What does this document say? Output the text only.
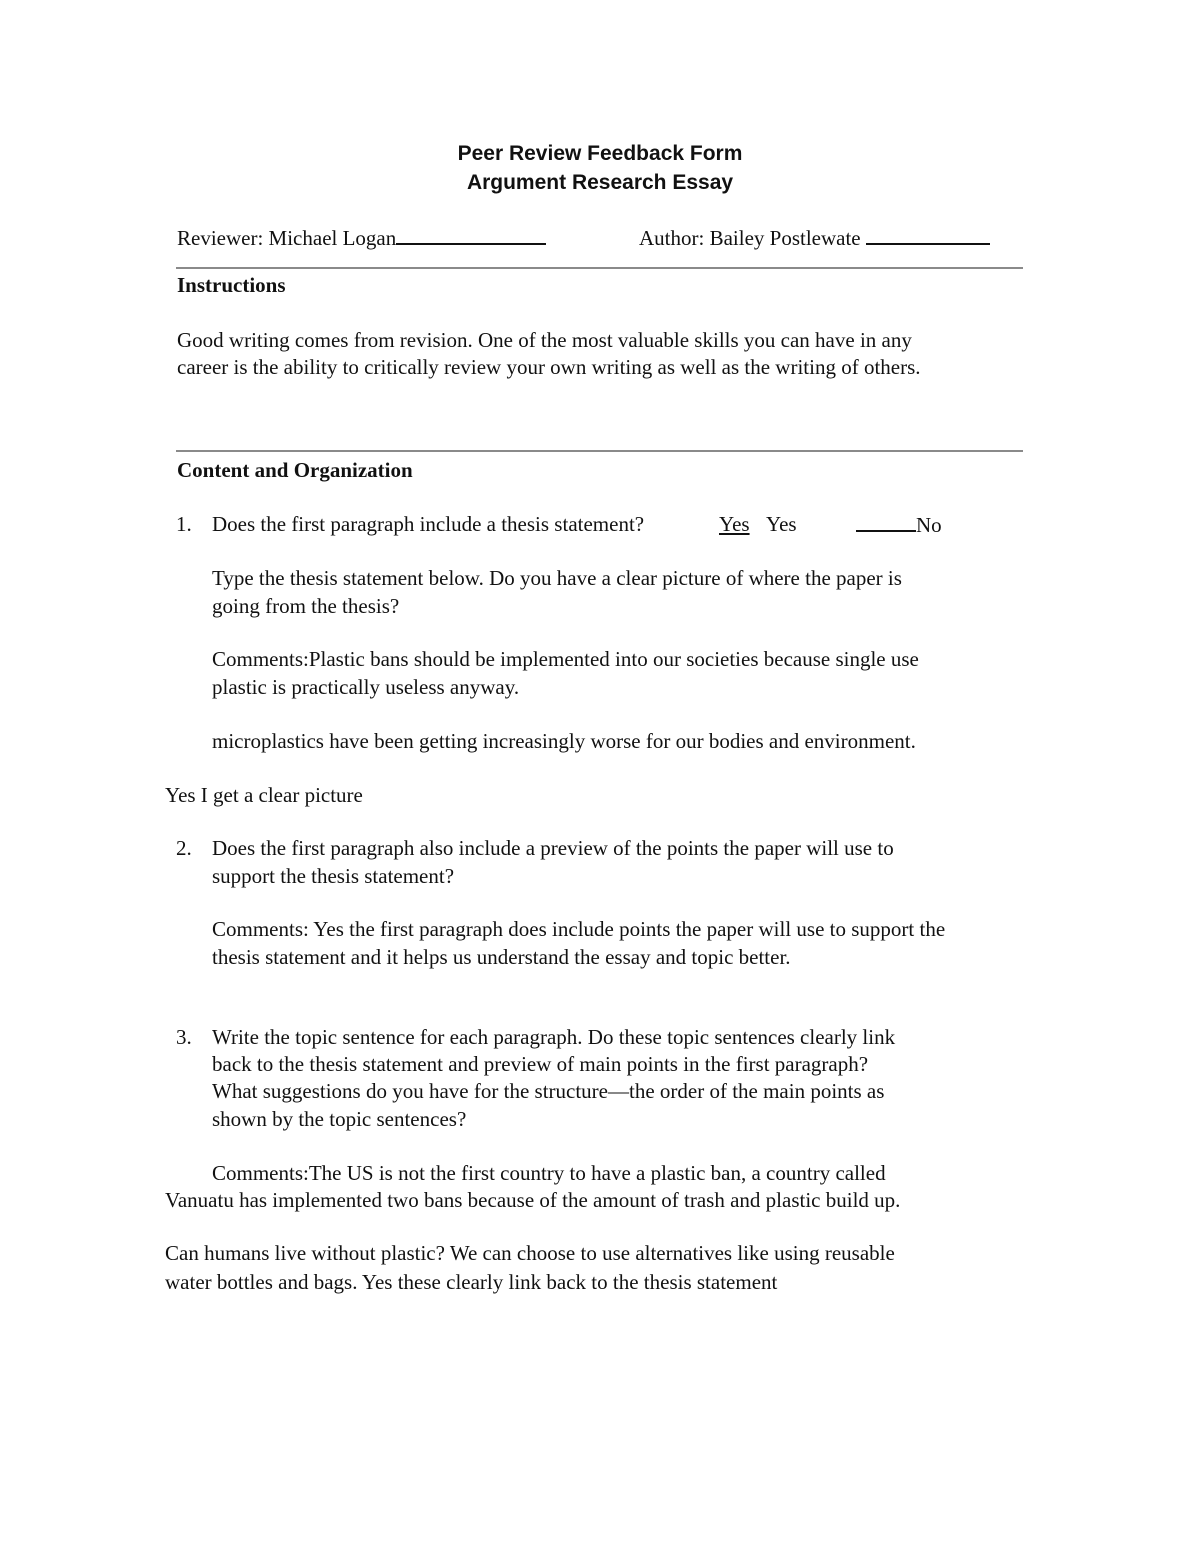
Peer Review Feedback Form
Argument Research Essay
Reviewer: Michael Logan	Author: Bailey Postlewate
Instructions
Good writing comes from revision. One of the most valuable skills you can have in any
career is the ability to critically review your own writing as well as the writing of others.
Content and Organization
1. Does the first paragraph include a thesis statement?	Yes Yes	No
Type the thesis statement below. Do you have a clear picture of where the paper is
going from the thesis?
Comments:Plastic bans should be implemented into our societies because single use
plastic is practically useless anyway.
microplastics have been getting increasingly worse for our bodies and environment.
Yes I get a clear picture
2. Does the first paragraph also include a preview of the points the paper will use to
support the thesis statement?
Comments: Yes the first paragraph does include points the paper will use to support the
thesis statement and it helps us understand the essay and topic better.
3. Write the topic sentence for each paragraph. Do these topic sentences clearly link
back to the thesis statement and preview of main points in the first paragraph?
What suggestions do you have for the structure—the order of the main points as
shown by the topic sentences?
Comments:The US is not the first country to have a plastic ban, a country called
Vanuatu has implemented two bans because of the amount of trash and plastic build up.
Can humans live without plastic? We can choose to use alternatives like using reusable
water bottles and bags. Yes these clearly link back to the thesis statement
